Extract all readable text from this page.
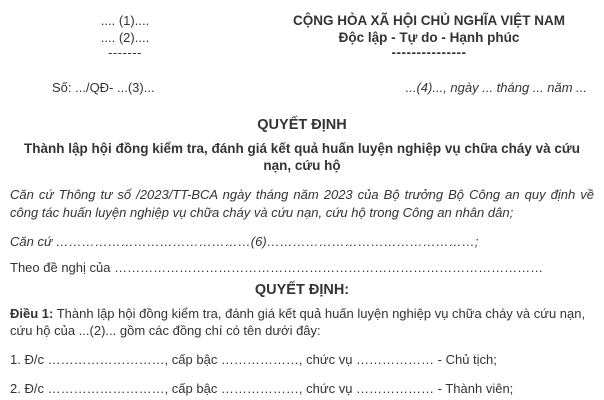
.... (1)....
.... (2)....
-------
CỘNG HÒA XÃ HỘI CHỦ NGHĨA VIỆT NAM
Độc lập - Tự do - Hạnh phúc
---------------
Số: .../QĐ- ...(3)...	...(4)..., ngày ... tháng ... năm ...
QUYẾT ĐỊNH
Thành lập hội đồng kiểm tra, đánh giá kết quả huấn luyện nghiệp vụ chữa cháy và cứu nạn, cứu hộ

Căn cứ Thông tư số /2023/TT-BCA ngày tháng năm 2023 của Bộ trưởng Bộ Công an quy định về công tác huấn luyện nghiệp vụ chữa cháy và cứu nạn, cứu hộ trong Công an nhân dân;

Căn cứ ………………………………………(6)…………………………………………;

Theo đề nghị của ………………………………………………………………………………………

QUYẾT ĐỊNH:

Điều 1: Thành lập hội đồng kiểm tra, đánh giá kết quả huấn luyện nghiệp vụ chữa cháy và cứu nạn, cứu hộ của ...(2)... gồm các đồng chí có tên dưới đây:

1. Đ/c ………………………, cấp bậc ………………, chức vụ ……………… - Chủ tịch;

2. Đ/c ………………………, cấp bậc ………………, chức vụ ……………… - Thành viên;
